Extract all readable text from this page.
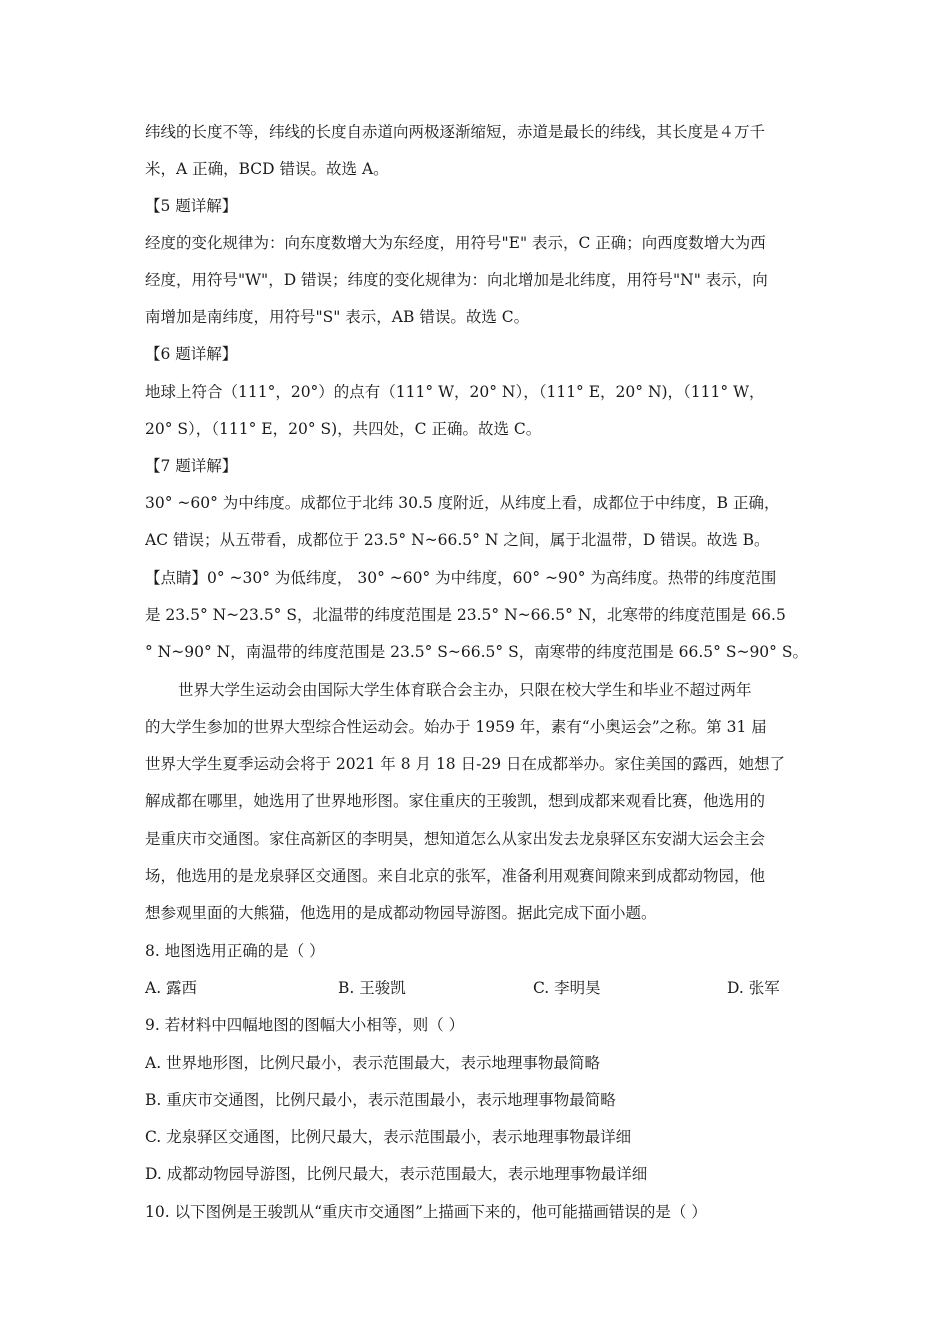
纬线的长度不等，纬线的长度自赤道向两极逐渐缩短，赤道是最长的纬线，其长度是４万千
米，A 正确，BCD 错误。故选 A。
【5 题详解】
经度的变化规律为：向东度数增大为东经度，用符号"E" 表示，C 正确；向西度数增大为西
经度，用符号"W"，D 错误；纬度的变化规律为：向北增加是北纬度，用符号"N" 表示，向
南增加是南纬度，用符号"S" 表示，AB 错误。故选 C。
【6 题详解】
地球上符合（111°，20°）的点有（111° W，20° N），（111° E，20° N)，（111° W，
20° S），（111° E，20° S)，共四处，C 正确。故选 C。
【7 题详解】
30° ~60° 为中纬度。成都位于北纬 30.5 度附近，从纬度上看，成都位于中纬度，B 正确，
AC 错误；从五带看，成都位于 23.5° N~66.5° N 之间，属于北温带，D 错误。故选 B。
【点睛】0° ~30° 为低纬度， 30° ~60° 为中纬度，60° ~90° 为高纬度。热带的纬度范围
是 23.5° N~23.5° S，北温带的纬度范围是 23.5° N~66.5° N，北寒带的纬度范围是 66.5
° N~90° N，南温带的纬度范围是 23.5° S~66.5° S，南寒带的纬度范围是 66.5° S~90° S。
世界大学生运动会由国际大学生体育联合会主办，只限在校大学生和毕业不超过两年
的大学生参加的世界大型综合性运动会。始办于 1959 年，素有“小奥运会”之称。第 31 届
世界大学生夏季运动会将于 2021 年 8 月 18 日-29 日在成都举办。家住美国的露西，她想了
解成都在哪里，她选用了世界地形图。家住重庆的王骏凯，想到成都来观看比赛，他选用的
是重庆市交通图。家住高新区的李明昊，想知道怎么从家出发去龙泉驿区东安湖大运会主会
场，他选用的是龙泉驿区交通图。来自北京的张军，准备利用观赛间隙来到成都动物园，他
想参观里面的大熊猫，他选用的是成都动物园导游图。据此完成下面小题。
8. 地图选用正确的是（ ）
A. 露西	B. 王骏凯	C. 李明昊	D. 张军
9. 若材料中四幅地图的图幅大小相等，则（ ）
A. 世界地形图，比例尺最小，表示范围最大，表示地理事物最简略
B. 重庆市交通图，比例尺最小，表示范围最小，表示地理事物最简略
C. 龙泉驿区交通图，比例尺最大，表示范围最小，表示地理事物最详细
D. 成都动物园导游图，比例尺最大，表示范围最大，表示地理事物最详细
10. 以下图例是王骏凯从“重庆市交通图”上描画下来的，他可能描画错误的是（ ）
